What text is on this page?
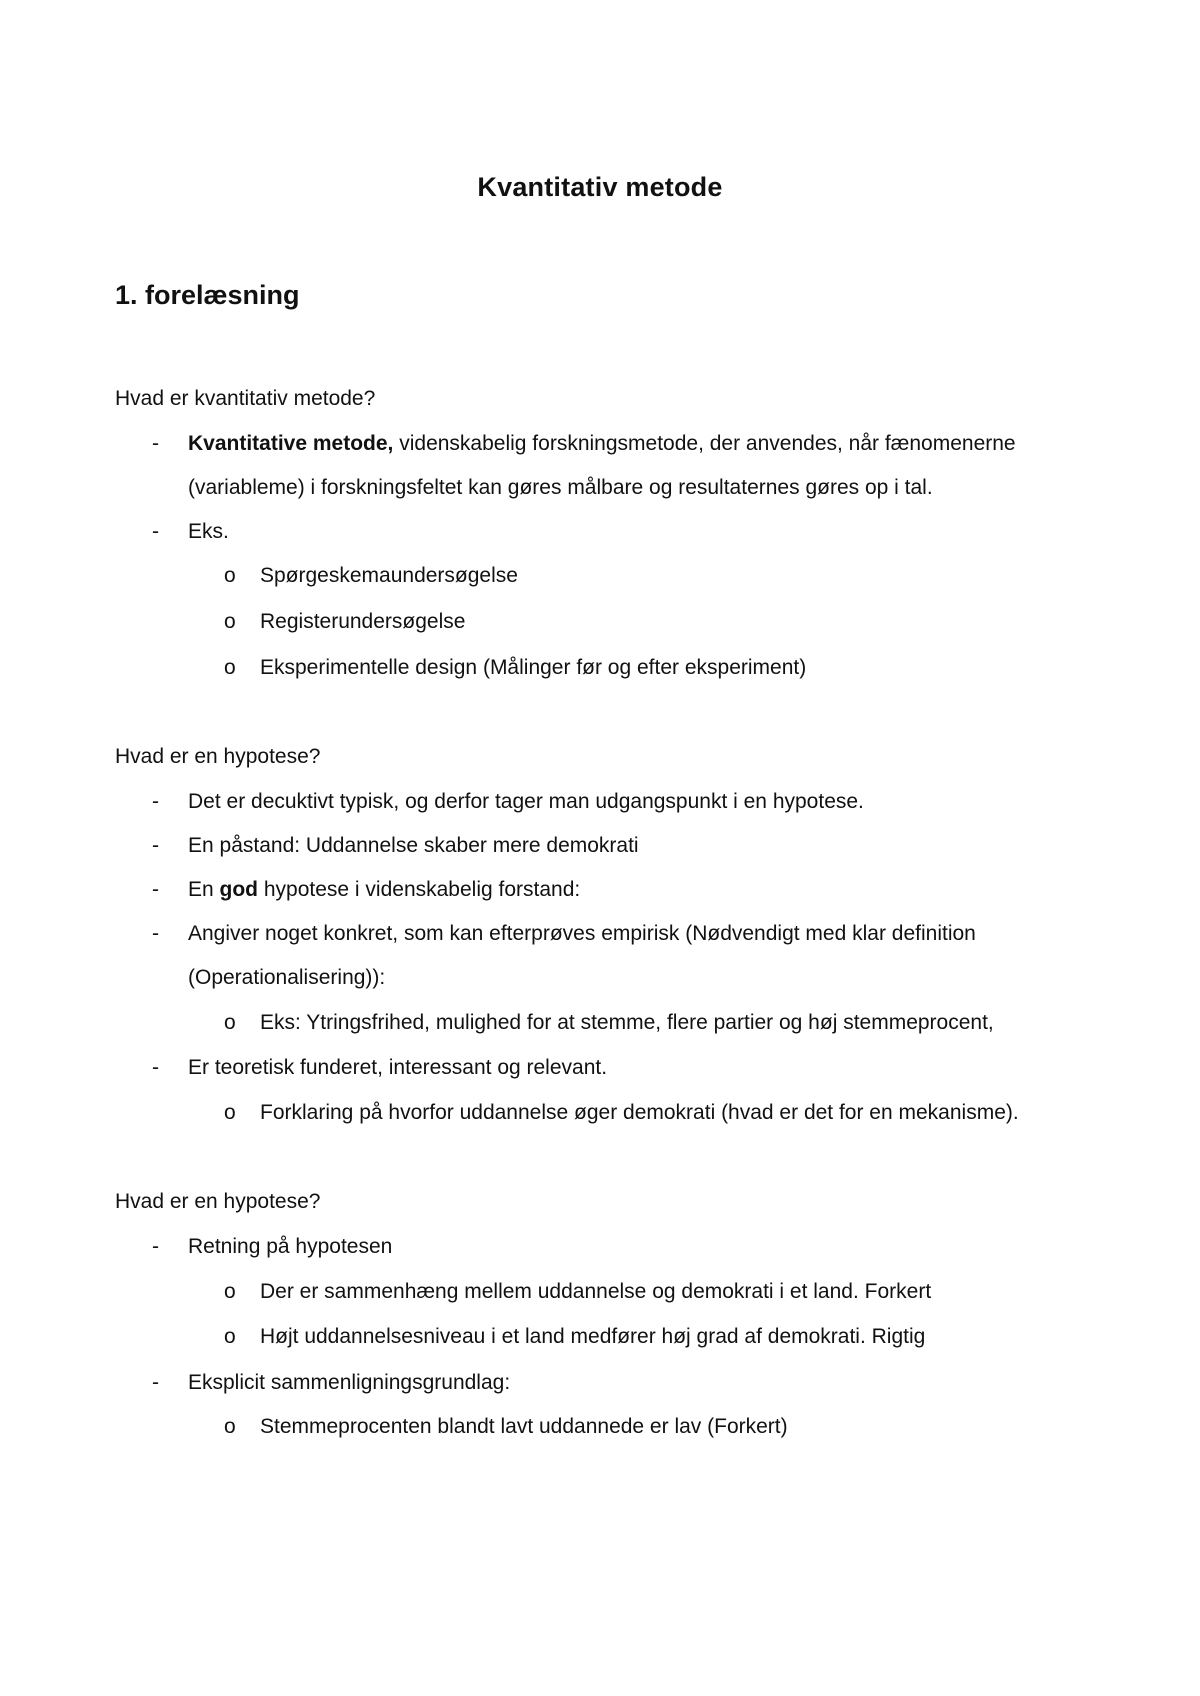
Kvantitativ metode
1. forelæsning
Hvad er kvantitativ metode?
- Kvantitative metode, videnskabelig forskningsmetode, der anvendes, når fænomenerne
(variableme) i forskningsfeltet kan gøres målbare og resultaternes gøres op i tal.
- Eks.
o Spørgeskemaundersøgelse
o Registerundersøgelse
o Eksperimentelle design (Målinger før og efter eksperiment)
Hvad er en hypotese?
- Det er decuktivt typisk, og derfor tager man udgangspunkt i en hypotese.
- En påstand: Uddannelse skaber mere demokrati
- En god hypotese i videnskabelig forstand:
- Angiver noget konkret, som kan efterprøves empirisk (Nødvendigt med klar definition
(Operationalisering)):
o Eks: Ytringsfrihed, mulighed for at stemme, flere partier og høj stemmeprocent,
- Er teoretisk funderet, interessant og relevant.
o Forklaring på hvorfor uddannelse øger demokrati (hvad er det for en mekanisme).
Hvad er en hypotese?
- Retning på hypotesen
o Der er sammenhæng mellem uddannelse og demokrati i et land. Forkert
o Højt uddannelsesniveau i et land medfører høj grad af demokrati. Rigtig
- Eksplicit sammenligningsgrundlag:
o Stemmeprocenten blandt lavt uddannede er lav (Forkert)
